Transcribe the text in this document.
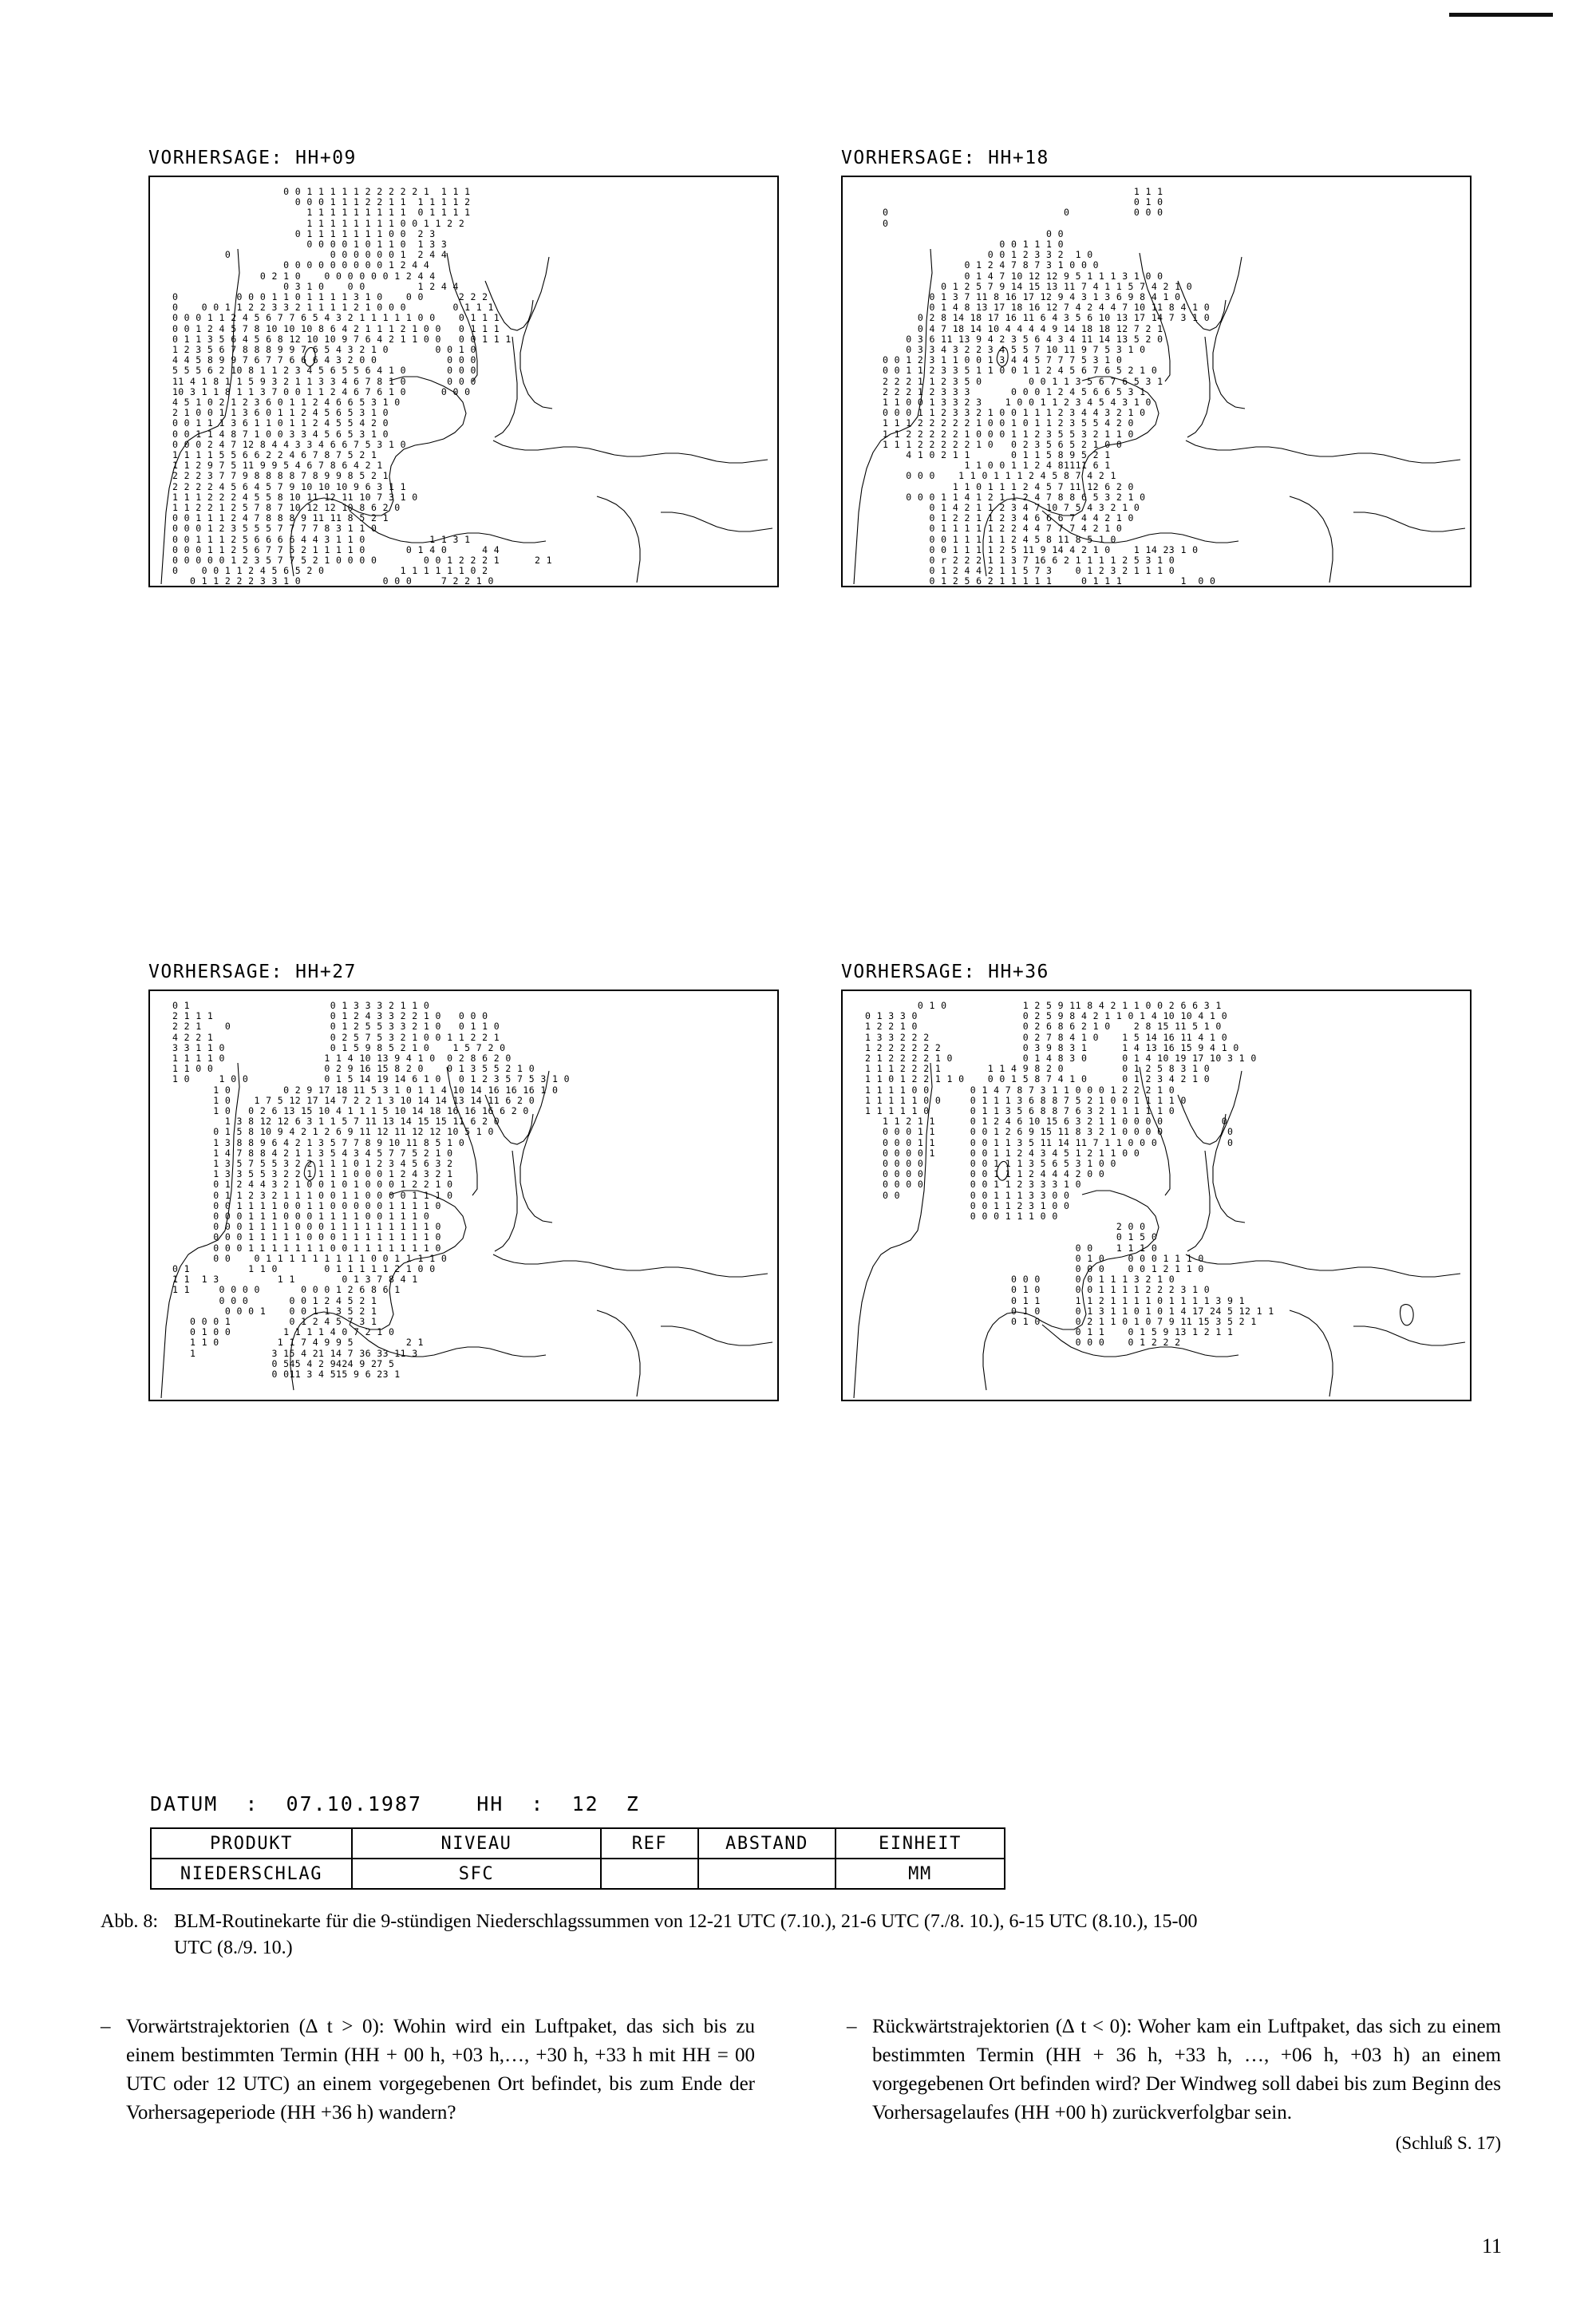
VORHERSAGE: HH+09
0 0 1 1 1 1 1 2 2 2 2 2 1  1 1 1
0 0 0 1 1 1 2 2 1 1  1 1 1 1 2
1 1 1 1 1 1 1 1 1  0 1 1 1 1
1 1 1 1 1 1 1 1 0 0 1 1 2 2
0 1 1 1 1 1 1 1 0 0  2 3
0 0 0 0 1 0 1 1 0  1 3 3
0                 0 0 0 0 0 0 1  2 4 4
0 0 0 0 0 0 0 0 0 1 2 4 4
0 2 1 0    0 0 0 0 0 0 1 2 4 4
0 3 1 0    0 0         1 2 4 4
0          0 0 0 1 1 0 1 1 1 1 3 1 0    0 0      2 2 2
0    0 0 1 1 2 2 3 3 2 1 1 1 1 2 1 0 0 0        0 1 1 1
0 0 0 1 1 2 4 5 6 7 7 6 5 4 3 2 1 1 1 1 1 0 0    0 1 1 1
0 0 1 2 4 5 7 8 10 10 10 8 6 4 2 1 1 1 2 1 0 0   0 1 1 1
0 1 1 3 5 6 4 5 6 8 12 10 10 9 7 6 4 2 1 1 0 0   0 0 1 1 1
1 2 3 5 6 7 8 8 8 9 9 7 6 5 4 3 2 1 0        0 0 1 0
4 4 5 8 9 9 7 6 7 7 6 6 6 4 3 2 0 0            0 0 0
5 5 5 6 2 10 8 1 1 2 3 4 5 6 5 5 6 4 1 0       0 0 0
11 4 1 8 1 1 5 9 3 2 1 1 3 3 4 6 7 8 1 0       0 0 0
10 3 1 1 8 1 1 3 7 0 0 1 1 2 4 6 7 6 1 0      0 0 0
4 5 1 0 2 1 2 3 6 0 1 1 2 4 6 6 5 3 1 0
2 1 0 0 1 1 3 6 0 1 1 2 4 5 6 5 3 1 0
0 0 1 1 1 3 6 1 1 0 1 1 2 4 5 5 4 2 0
0 0 1 1 4 8 7 1 0 0 3 3 4 5 6 5 3 1 0
0 0 0 2 4 7 12 8 4 4 3 3 4 6 6 7 5 3 1 0
1 1 1 1 5 5 6 6 2 2 4 6 7 8 7 5 2 1
1 1 2 9 7 5 11 9 9 5 4 6 7 8 6 4 2 1
2 2 2 3 7 7 9 8 8 8 8 7 8 9 9 8 5 2 1
2 2 2 2 4 5 6 4 5 7 9 10 10 10 9 6 3 1 1
1 1 1 2 2 2 4 5 5 8 10 11 12 11 10 7 3 1 0
1 1 2 2 1 2 5 7 8 7 10 12 12 10 8 6 2 0
0 0 1 1 1 2 4 7 8 8 8 9 11 11 8 5 2 1
0 0 0 1 2 3 5 5 5 7 7 7 7 8 3 1 1 0
0 0 1 1 1 2 5 6 6 6 6 4 4 3 1 1 0           1 1 3 1
0 0 0 1 1 2 5 6 7 7 5 2 1 1 1 1 0       0 1 4 0      4 4
0 0 0 0 0 1 2 3 5 7 7 5 2 1 0 0 0 0        0 0 1 2 2 2 1      2 1
0    0 0 1 1 2 4 5 6 5 2 0             1 1 1 1 1 1 0 2
0 1 1 2 2 2 3 3 1 0              0 0 0     7 2 2 1 0
VORHERSAGE: HH+18
1 1 1
0 1 0
0                              0           0 0 0
0
0 0
0 0 1 1 1 0
0 0 1 2 3 3 2  1 0
0 1 2 4 7 8 7 3 1 0 0 0
0 1 4 7 10 12 12 9 5 1 1 1 3 1 0 0
0 1 2 5 7 9 14 15 13 11 7 4 1 1 5 7 4 2 1 0
0 1 3 7 11 8 16 17 12 9 4 3 1 3 6 9 8 4 1 0
0 1 4 8 13 17 18 16 12 7 4 2 4 4 7 10 11 8 4 1 0
0 2 8 14 18 17 16 11 6 4 3 5 6 10 13 17 14 7 3 1 0
0 4 7 18 14 10 4 4 4 4 9 14 18 18 12 7 2 1
0 3 6 11 13 9 4 2 3 5 6 4 3 4 11 14 13 5 2 0
0 3 3 4 3 2 2 3 4 5 5 7 10 11 9 7 5 3 1 0
0 0 1 2 3 1 1 0 0 1 3 4 4 5 7 7 7 5 3 1 0
0 0 1 1 2 3 3 5 1 1 0 0 1 1 2 4 5 6 7 6 5 2 1 0
2 2 2 1 1 2 3 5 0        0 0 1 1 3 5 6 7 6 5 3 1
2 2 2 1 2 3 3 3       0 0 0 1 2 4 5 6 6 5 3 1
1 1 0 0 1 3 3 2 3    1 0 0 1 1 2 3 4 5 4 3 1 0
0 0 0 1 1 2 3 3 2 1 0 0 1 1 1 2 3 4 4 3 2 1 0
1 1 1 2 2 2 2 2 1 0 0 1 0 1 1 2 3 5 5 4 2 0
1 1 2 2 2 2 2 1 0 0 0 1 1 2 3 5 5 3 2 1 1 0
1 1 1 2 2 2 2 2 1 0   0 2 3 5 6 5 2 1 0 0
4 1 0 2 1 1       0 1 1 5 8 9 5 2 1
1 1 0 0 1 1 2 4 81111 6 1
0 0 0    1 1 0 1 1 1 2 4 5 8 7 4 2 1
1 1 0 1 1 1 2 4 5 7 11 12 6 2 0
0 0 0 1 1 4 1 2 1 1 2 4 7 8 8 6 5 3 2 1 0
0 1 4 2 1 1 2 3 4 7 10 7 5 4 3 2 1 0
0 1 2 2 1 1 2 3 4 6 6 6 7 4 4 2 1 0
0 1 1 1 1 1 2 2 4 4 7 7 7 4 2 1 0
0 0 1 1 1 1 1 2 4 5 8 11 8 5 1 0
0 0 1 1 1 1 2 5 11 9 14 4 2 1 0    1 14 23 1 0
0 r 2 2 2 1 1 3 7 16 6 2 1 1 1 1 2 5 3 1 0
0 1 2 4 4 2 1 1 5 7 3    0 1 2 3 2 1 1 1 0
0 1 2 5 6 2 1 1 1 1 1     0 1 1 1          1  0 0
VORHERSAGE: HH+27
0 1                        0 1 3 3 3 2 1 1 0
2 1 1 1                    0 1 2 4 3 3 2 2 1 0   0 0 0
2 2 1    0                 0 1 2 5 5 3 3 2 1 0   0 1 1 0
4 2 2 1                    0 2 5 7 5 3 2 1 0 0 1 1 2 2 1
3 3 1 1 0                  0 1 5 9 8 5 2 1 0    1 5 7 2 0
1 1 1 1 0                 1 1 4 10 13 9 4 1 0  0 2 8 6 2 0
1 1 0 0                   0 2 9 16 15 8 2 0    0 1 3 5 5 2 1 0
1 0     1 0 0             0 1 5 14 19 14 6 1 0   0 1 2 3 5 7 5 3 1 0
1 0         0 2 9 17 18 11 5 3 1 0 1 1 4 10 14 16 16 16 1 0
1 0    1 7 5 12 17 14 7 2 2 1 3 10 14 14 13 14 11 6 2 0
1 0   0 2 6 13 15 10 4 1 1 1 5 10 14 18 16 16 16 6 2 0
1 3 8 12 12 6 3 1 1 5 7 11 13 14 15 15 11 6 2 0
0 1 5 8 10 9 4 2 1 2 6 9 11 12 11 12 12 10 5 1 0
1 3 8 8 9 6 4 2 1 3 5 7 7 8 9 10 11 8 5 1 0
1 4 7 8 8 4 2 1 1 3 5 4 3 4 5 7 7 5 2 1 0
1 3 5 7 5 5 3 2 2 1 1 1 0 1 2 3 4 5 6 3 2
1 3 3 5 5 3 2 2 1 1 1 1 0 0 0 1 2 4 3 2 1
0 1 2 4 4 3 2 1 0 0 1 0 1 0 0 0 1 2 2 1 0
0 1 1 2 3 2 1 1 1 0 0 1 1 0 0 0 0 1 1 1 0
0 0 1 1 1 1 0 0 1 1 0 0 0 0 0 1 1 1 1 0
0 0 0 1 1 1 0 0 0 1 1 1 1 0 0 1 1 1 0
0 0 0 1 1 1 1 0 0 0 1 1 1 1 1 1 1 1 1 0
0 0 0 1 1 1 1 1 0 0 0 1 1 1 1 1 1 1 1 0
0 0 0 1 1 1 1 1 1 1 0 0 1 1 1 1 1 1 1 0
0 0    0 1 1 1 1 1 1 1 1 1 0 0 1 1 1 1 0
0 1          1 1 0        0 1 1 1 1 1 2 1 0 0
1 1  1 3          1 1        0 1 3 7 8 4 1
1 1     0 0 0 0       0 0 0 1 2 6 8 6 1
0 0 0       0 0 1 2 4 5 2 1
0 0 0 1    0 0 1 1 3 5 2 1
0 0 0 1          0 1 2 4 5 7 3 1
0 1 0 0         1 1 1 1 4 0 7 2 1 0
1 1 0          1 1 7 4 9 9 5         2 1
1             3 15 4 21 14 7 36 33 11 3
0 545 4 2 9424 9 27 5
0 011 3 4 515 9 6 23 1
VORHERSAGE: HH+36
0 1 0             1 2 5 9 11 8 4 2 1 1 0 0 2 6 6 3 1
0 1 3 3 0                  0 2 5 9 8 4 2 1 1 0 1 4 10 10 4 1 0
1 2 2 1 0                  0 2 6 8 6 2 1 0    2 8 15 11 5 1 0
1 3 3 2 2 2                0 2 7 8 4 1 0    1 5 14 16 11 4 1 0
1 2 2 2 2 2 2              0 3 9 8 3 1      1 4 13 16 15 9 4 1 0
2 1 2 2 2 2 1 0            0 1 4 8 3 0      0 1 4 10 19 17 10 3 1 0
1 1 1 2 2 2 1        1 1 4 9 8 2 0          0 1 2 5 8 3 1 0
1 1 0 1 2 2 1 1 0    0 0 1 5 8 7 4 1 0      0 1 2 3 4 2 1 0
1 1 1 1 0 0       0 1 4 7 8 7 3 1 1 0 0 0 1 2 2 2 1 0
1 1 1 1 1 0 0     0 1 1 1 3 6 8 8 7 5 2 1 0 0 1 1 1 1 0
1 1 1 1 1 0       0 1 1 3 5 6 8 8 7 6 3 2 1 1 1 1 1 0
1 1 2 1 1      0 1 2 4 6 10 15 6 3 2 1 1 0 0 0 0          0
0 0 0 1 1      0 0 1 2 6 9 15 11 8 3 2 1 0 0 0 0           0
0 0 0 1 1      0 0 1 1 3 5 11 14 11 7 1 1 0 0 0            0
0 0 0 0 1      0 0 1 1 2 4 3 4 5 1 2 1 1 0 0
0 0 0 0        0 0 1 1 1 3 5 6 5 3 1 0 0
0 0 0 0        0 0 1 1 1 2 4 4 4 2 0 0
0 0 0 0        0 0 1 1 2 3 3 3 1 0
0 0            0 0 1 1 1 3 3 0 0
0 0 1 1 2 3 1 0 0
0 0 0 1 1 1 0 0
2 0 0
0 1 5 0
0 0    1 1 1 0
0 1 0    0 0 0 1 1 1 0
0 0 0    0 0 1 2 1 1 0
0 0 0      0 0 1 1 1 3 2 1 0
0 1 0      0 0 1 1 1 1 2 2 2 3 1 0
0 1 1      1 1 2 1 1 1 1 0 1 1 1 1 3 9 1
0 1 0      0 1 3 1 1 0 1 0 1 4 17 24 5 12 1 1
0 1 0      0 2 1 1 0 1 0 7 9 11 15 3 5 2 1
0 1 1    0 1 5 9 13 1 2 1 1
0 0 0    0 1 2 2 2
DATUM  :  07.10.1987    HH  :  12  Z
PRODUKT	NIVEAU	REF	ABSTAND	EINHEIT
NIEDERSCHLAG	SFC			MM
Abb. 8: BLM-Routinekarte für die 9-stündigen Niederschlagssummen von 12-21 UTC (7.10.), 21-6 UTC (7./8. 10.), 6-15 UTC (8.10.), 15-00
UTC (8./9. 10.)
– Vorwärtstrajektorien (∆ t > 0): Wohin wird ein Luftpaket, das sich bis zu einem bestimmten Termin (HH + 00 h, +03 h,…, +30 h, +33 h mit HH = 00 UTC oder 12 UTC) an einem vorgegebenen Ort befindet, bis zum Ende der Vorhersageperiode (HH +36 h) wandern?
– Rückwärtstrajektorien (∆ t < 0): Woher kam ein Luftpaket, das sich zu einem bestimmten Termin (HH + 36 h, +33 h, …, +06 h, +03 h) an einem vorgegebenen Ort befinden wird? Der Windweg soll dabei bis zum Beginn des Vorhersagelaufes (HH +00 h) zurückverfolgbar sein.
(Schluß S. 17)
11
